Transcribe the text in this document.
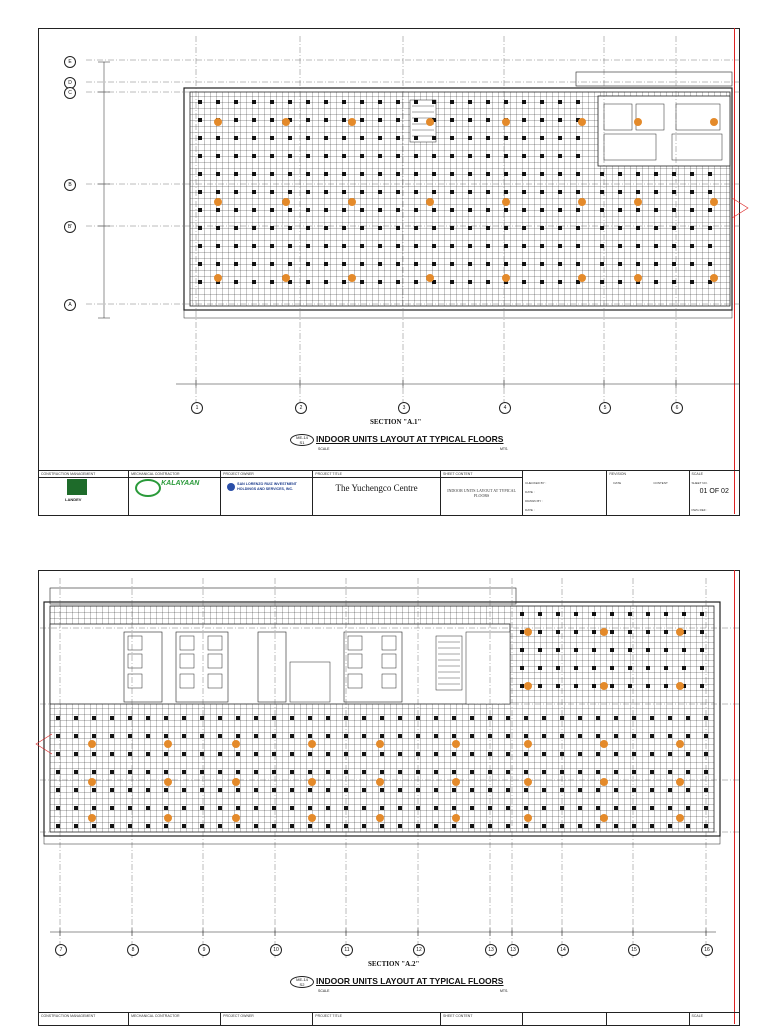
E
D
C
B
B'
A
1	2	3	4	5	6
SECTION "A.1"
ME-14
S1	INDOOR UNITS LAYOUT AT TYPICAL FLOORS
SCALE	MTS.
CONSTRUCTION MANAGEMENT
LANDEV
MECHANICAL CONTRACTOR
KALAYAAN
PROJECT OWNER
SAN LORENZO RUIZ INVESTMENT HOLDINGS AND SERVICES, INC.
PROJECT TITLE
The Yuchengco Centre
SHEET CONTENT
INDOOR UNITS LAYOUT AT TYPICAL FLOORS
CHECKED BY :
DATE :
DRAWN BY :
DATE :
REVISION
DATE	CONTENT
SCALE
SHEET NO.
01 OF 02
DWG REF :
7	8	9	10	11	12	13	13	14	15	16
SECTION "A.2"
ME-14
S2	INDOOR UNITS LAYOUT AT TYPICAL FLOORS
SCALE	MTS.
CONSTRUCTION MANAGEMENT	MECHANICAL CONTRACTOR	PROJECT OWNER	PROJECT TITLE	SHEET CONTENT	SCALE
